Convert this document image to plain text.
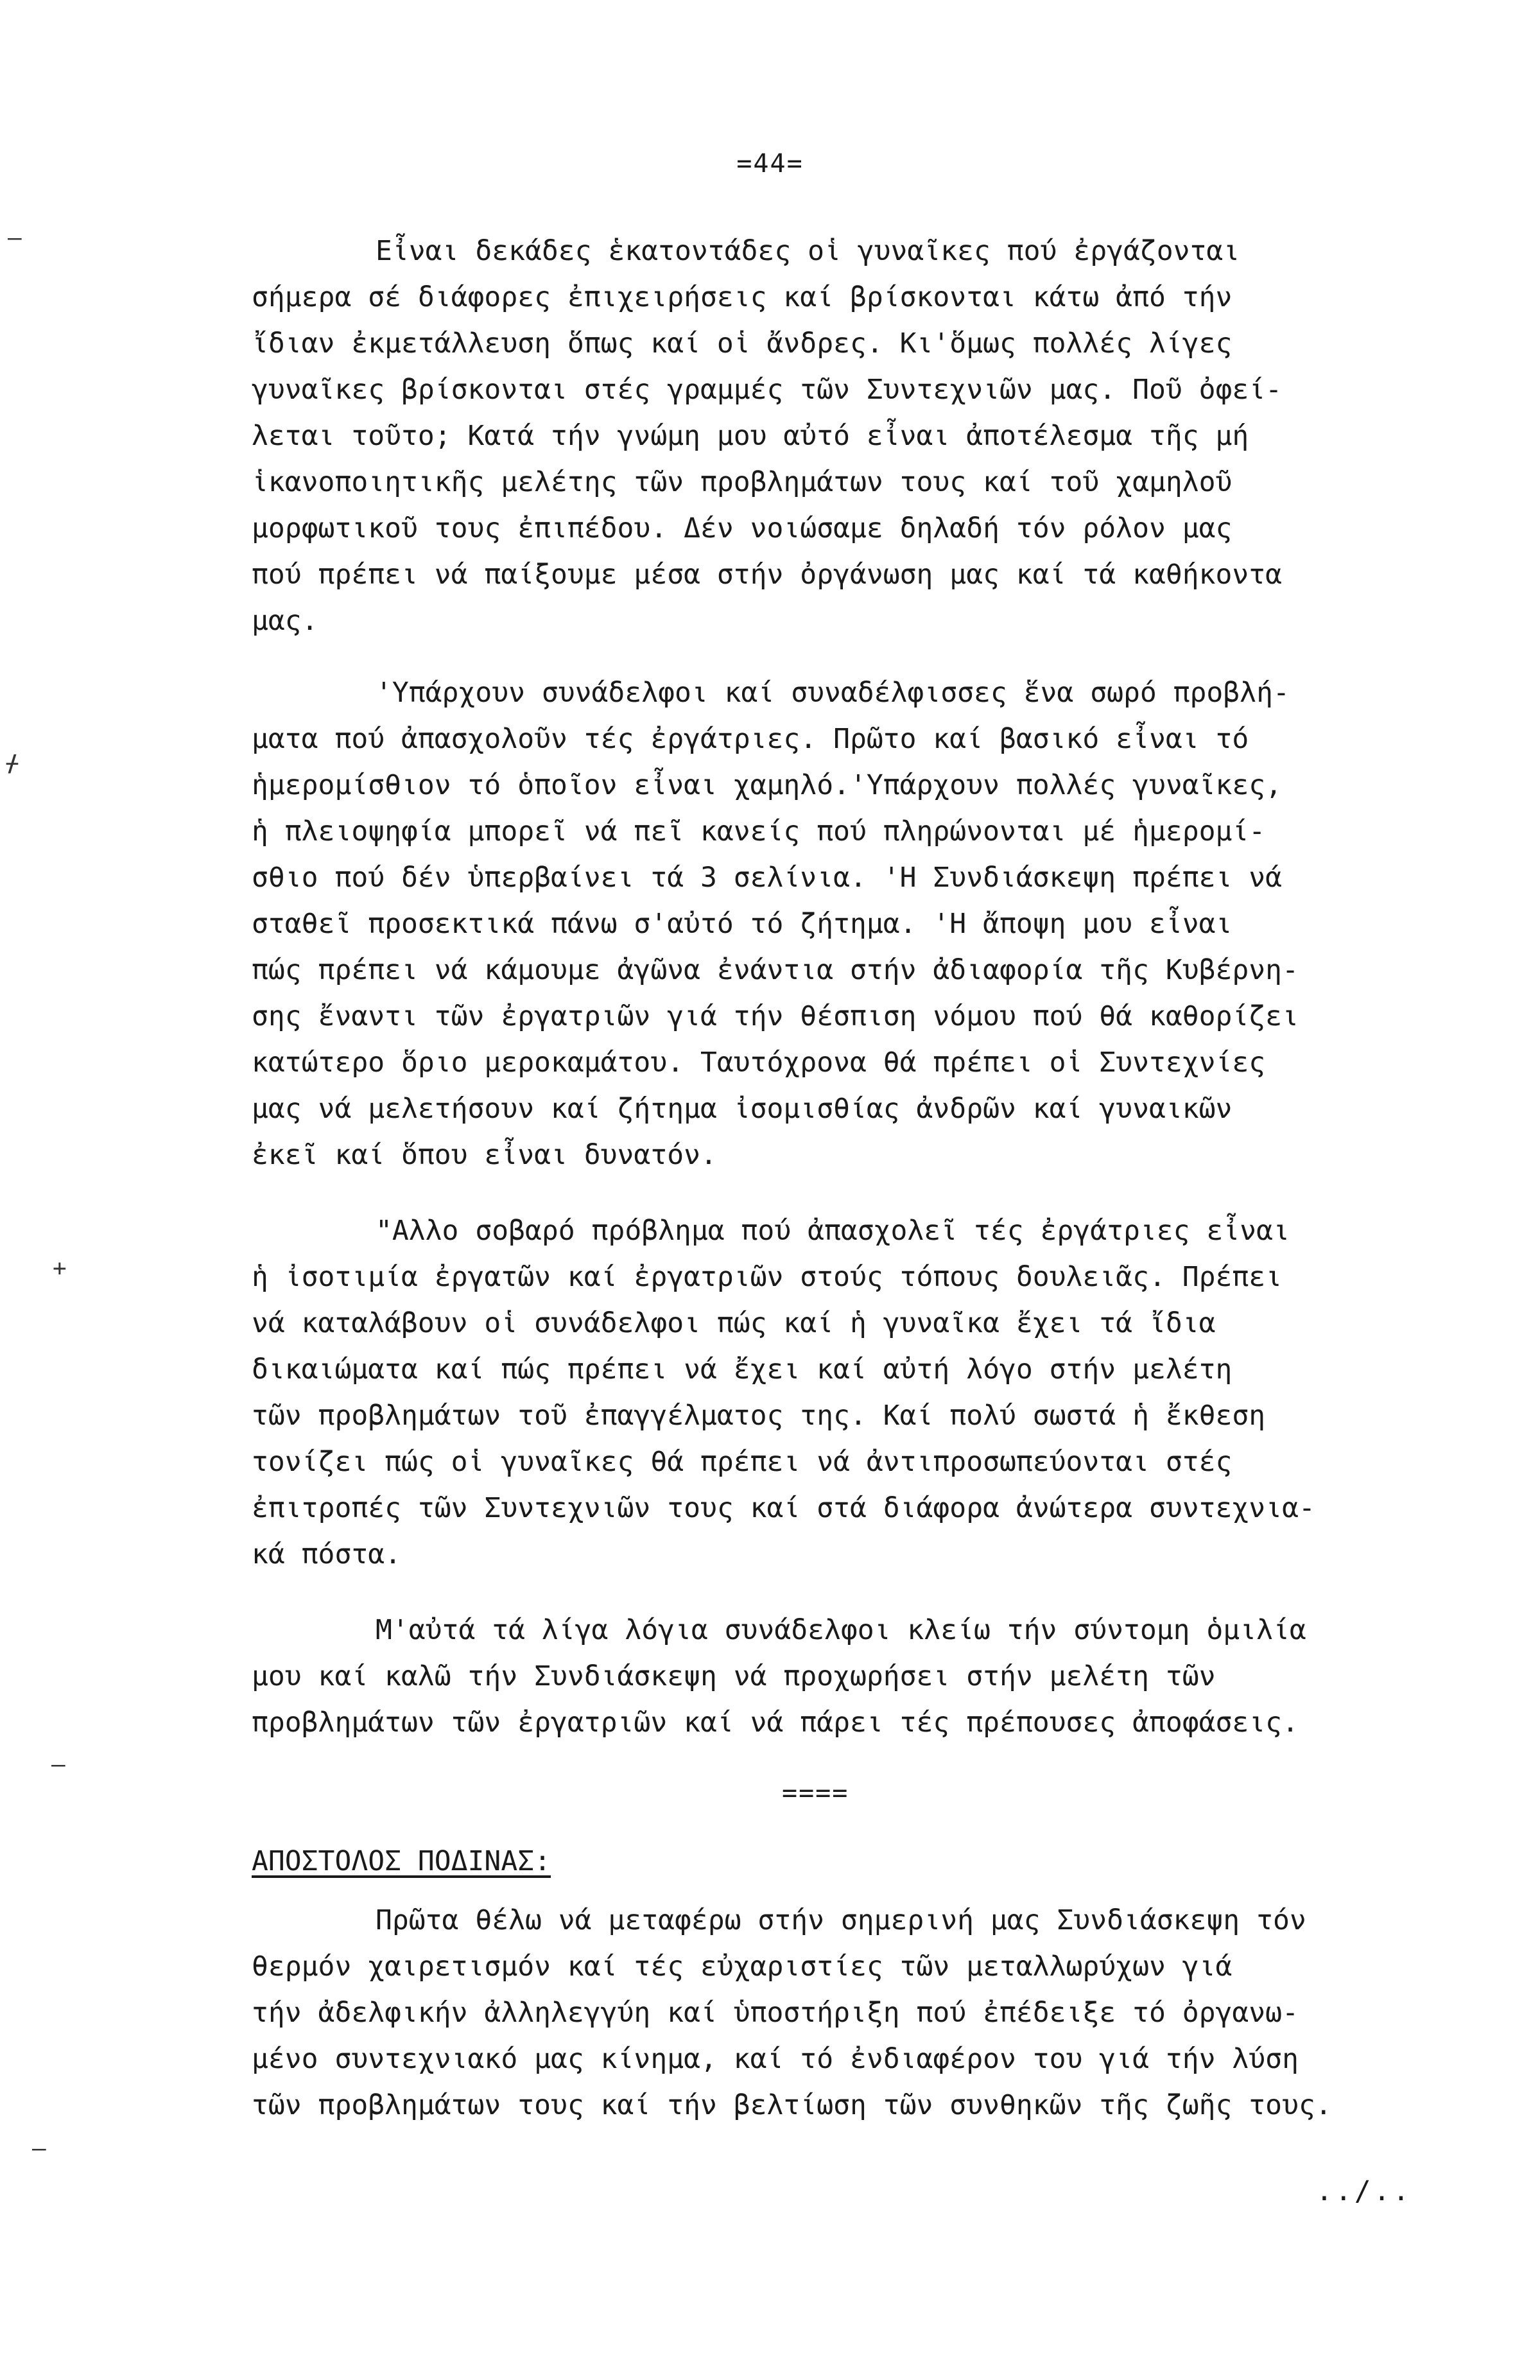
=44=
—
ᚋ
+
—
—
Εἶναι δεκάδες ἑκατοντάδες οἱ γυναῖκες πού ἐργάζονται
σήμερα σέ διάφορες ἐπιχειρήσεις καί βρίσκονται κάτω ἀπό τήν
ἴδιαν ἐκμετάλλευση ὅπως καί οἱ ἄνδρες. Κι'ὅμως πολλές λίγες
γυναῖκες βρίσκονται στές γραμμές τῶν Συντεχνιῶν μας. Ποῦ ὀφεί-
λεται τοῦτο; Κατά τήν γνώμη μου αὐτό εἶναι ἀποτέλεσμα τῆς μή
ἱκανοποιητικῆς μελέτης τῶν προβλημάτων τους καί τοῦ χαμηλοῦ
μορφωτικοῦ τους ἐπιπέδου. Δέν νοιώσαμε δηλαδή τόν ρόλον μας
πού πρέπει νά παίξουμε μέσα στήν ὀργάνωση μας καί τά καθήκοντα
μας.
'Υπάρχουν συνάδελφοι καί συναδέλφισσες ἕνα σωρό προβλή-
ματα πού ἀπασχολοῦν τές ἐργάτριες. Πρῶτο καί βασικό εἶναι τό
ἡμερομίσθιον τό ὁποῖον εἶναι χαμηλό.'Υπάρχουν πολλές γυναῖκες,
ἡ πλειοψηφία μπορεῖ νά πεῖ κανείς πού πληρώνονται μέ ἡμερομί-
σθιο πού δέν ὑπερβαίνει τά 3 σελίνια. 'Η Συνδιάσκεψη πρέπει νά
σταθεῖ προσεκτικά πάνω σ'αὐτό τό ζήτημα. 'Η ἄποψη μου εἶναι
πώς πρέπει νά κάμουμε ἀγῶνα ἐνάντια στήν ἀδιαφορία τῆς Κυβέρνη-
σης ἔναντι τῶν ἐργατριῶν γιά τήν θέσπιση νόμου πού θά καθορίζει
κατώτερο ὅριο μεροκαμάτου. Ταυτόχρονα θά πρέπει οἱ Συντεχνίες
μας νά μελετήσουν καί ζήτημα ἰσομισθίας ἀνδρῶν καί γυναικῶν
ἐκεῖ καί ὅπου εἶναι δυνατόν.
"Αλλο σοβαρό πρόβλημα πού ἀπασχολεῖ τές ἐργάτριες εἶναι
ἡ ἰσοτιμία ἐργατῶν καί ἐργατριῶν στούς τόπους δουλειᾶς. Πρέπει
νά καταλάβουν οἱ συνάδελφοι πώς καί ἡ γυναῖκα ἔχει τά ἴδια
δικαιώματα καί πώς πρέπει νά ἔχει καί αὐτή λόγο στήν μελέτη
τῶν προβλημάτων τοῦ ἐπαγγέλματος της. Καί πολύ σωστά ἡ ἔκθεση
τονίζει πώς οἱ γυναῖκες θά πρέπει νά ἀντιπροσωπεύονται στές
ἐπιτροπές τῶν Συντεχνιῶν τους καί στά διάφορα ἀνώτερα συντεχνια-
κά πόστα.
Μ'αὐτά τά λίγα λόγια συνάδελφοι κλείω τήν σύντομη ὁμιλία
μου καί καλῶ τήν Συνδιάσκεψη νά προχωρήσει στήν μελέτη τῶν
προβλημάτων τῶν ἐργατριῶν καί νά πάρει τές πρέπουσες ἀποφάσεις.
====
ΑΠΟΣΤΟΛΟΣ ΠΟΔΙΝΑΣ:
Πρῶτα θέλω νά μεταφέρω στήν σημερινή μας Συνδιάσκεψη τόν
θερμόν χαιρετισμόν καί τές εὐχαριστίες τῶν μεταλλωρύχων γιά
τήν ἀδελφικήν ἀλληλεγγύη καί ὑποστήριξη πού ἐπέδειξε τό ὀργανω-
μένο συντεχνιακό μας κίνημα, καί τό ἐνδιαφέρον του γιά τήν λύση
τῶν προβλημάτων τους καί τήν βελτίωση τῶν συνθηκῶν τῆς ζωῆς τους.
../..
